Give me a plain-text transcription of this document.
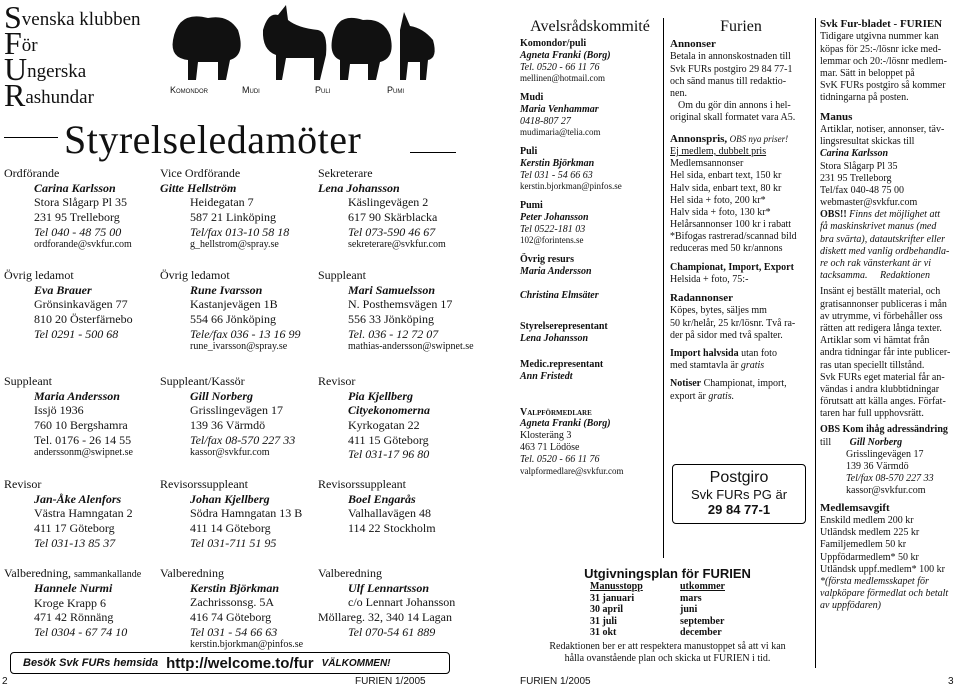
S venska klubben
F ör
U ngerska
R ashundar	Komondor	Mudi	Puli	Pumi
Styrelseledamöter
Ordförande
Carina Karlsson
Stora Slågarp Pl 35
231 95 Trelleborg
Tel 040 - 48 75 00
ordforande@svkfur.com
Övrig ledamot
Eva Brauer
Grönsinkavägen 77
810 20 Österfärnebo
Tel 0291 - 500 68
Suppleant
Maria Andersson
Issjö 1936
760 10 Bergshamra
Tel. 0176 - 26 14 55
anderssonm@swipnet.se
Revisor
Jan-Åke Alenfors
Västra Hamngatan 2
411 17 Göteborg
Tel 031-13 85 37
Valberedning, sammankallande
Hannele Nurmi
Kroge Krapp 6
471 42 Rönnäng
Tel 0304 - 67 74 10
Vice Ordförande
Gitte Hellström
Heidegatan 7
587 21 Linköping
Tel/fax 013-10 58 18
g_hellstrom@spray.se
Övrig ledamot
Rune Ivarsson
Kastanjevägen 1B
554 66 Jönköping
Tele/fax 036 - 13 16 99
rune_ivarsson@spray.se
Suppleant/Kassör
Gill Norberg
Grisslingevägen 17
139 36 Värmdö
Tel/fax 08-570 227 33
kassor@svkfur.com
Revisorssuppleant
Johan Kjellberg
Södra Hamngatan 13 B
411 14 Göteborg
Tel 031-711 51 95
Valberedning
Kerstin Björkman
Zachrissonsg. 5A
416 74 Göteborg
Tel 031 - 54 66 63
kerstin.bjorkman@pinfos.se
Sekreterare
Lena Johansson
Käslingevägen 2
617 90 Skärblacka
Tel 073-590 46 67
sekreterare@svkfur.com
Suppleant
Mari Samuelsson
N. Posthemsvägen 17
556 33 Jönköping
Tel. 036 - 12 72 07
mathias-andersson@swipnet.se
Revisor
Pia Kjellberg
Cityekonomerna
Kyrkogatan 22
411 15 Göteborg
Tel 031-17 96 80
Revisorssuppleant
Boel Engarås
Valhallavägen 48
114 22 Stockholm
Valberedning
Ulf Lennartsson
c/o Lennart Johansson
Möllareg. 32, 340 14 Lagan
Tel 070-54 61 889
Besök Svk FURs hemsida http://welcome.to/fur VÄLKOMMEN!
2	FURIEN 1/2005
Avelsrådskommité
Komondor/puli
Agneta Franki (Borg)
Tel. 0520 - 66 11 76
mellinen@hotmail.com
Mudi
Maria Venhammar
0418-807 27
mudimaria@telia.com
Puli
Kerstin Björkman
Tel 031 - 54 66 63
kerstin.bjorkman@pinfos.se
Pumi
Peter Johansson
Tel 0522-181 03
102@forintens.se
Övrig resurs
Maria Andersson
Christina Elmsäter
Styrelserepresentant
Lena Johansson
Medic.representant
Ann Fristedt
Valpförmedlare
Agneta Franki (Borg)
Klosteräng 3
463 71 Lödöse
Tel. 0520 - 66 11 76
valpformedlare@svkfur.com
Furien
Annonser
Betala in annonskostnaden till
Svk FURs postgiro 29 84 77-1
och sänd manus till redaktio-
nen.
Om du gör din annons i hel-
original skall formatet vara A5.
Annonspris, OBS nya priser!
Ej medlem, dubbelt pris
Medlemsannonser
Hel sida, enbart text, 150 kr
Halv sida, enbart text, 80 kr
Hel sida + foto, 200 kr*
Halv sida + foto, 130 kr*
Helårsannonser 100 kr i rabatt
*Bifogas rastrerad/scannad bild
reduceras med 50 kr/annons
Championat, Import, Export
Helsida + foto, 75:-
Radannonser
Köpes, bytes, säljes mm
50 kr/helår, 25 kr/lösnr. Två ra-
der på sidor med två spalter.
Import halvsida utan foto
med stamtavla är gratis
Notiser Championat, import,
export är gratis.
Postgiro
Svk FURs PG är
29 84 77-1
Svk Fur-bladet - FURIEN
Tidigare utgivna nummer kan
köpas för 25:-/lösnr icke med-
lemmar och 20:-/lösnr medlem-
mar. Sätt in beloppet på
SvK FURs postgiro så kommer
tidningarna på posten.
Manus
Artiklar, notiser, annonser, täv-
lingsresultat skickas till
Carina Karlsson
Stora Slågarp Pl 35
231 95 Trelleborg
Tel/fax 040-48 75 00
webmaster@svkfur.com
OBS!! Finns det möjlighet att
få maskinskrivet manus (med
bra svärta), datautskrifter eller
diskett med vanlig ordbehandla-
re och rak vänsterkant är vi
tacksamma. Redaktionen
Insänt ej beställt material, och
gratisannonser publiceras i mån
av utrymme, vi förbehåller oss
rätten att redigera långa texter.
Artiklar som vi hämtat från
andra tidningar får inte publicer-
ras utan speciellt tillstånd.
Svk FURs eget material får an-
vändas i andra klubbtidningar
förutsatt att källa anges. Förfat-
taren har full upphovsrätt.
OBS Kom ihåg adressändring
till Gill Norberg
Grisslingevägen 17
139 36 Värmdö
Tel/fax 08-570 227 33
kassor@svkfur.com
Medlemsavgift
Enskild medlem 200 kr
Utländsk medlem 225 kr
Familjemedlem 50 kr
Uppfödarmedlem* 50 kr
Utländsk uppf.medlem* 100 kr
*(första medlemsskapet för
valpköpare förmedlat och betalt
av uppfödaren)
Utgivningsplan för FURIEN
Manusstopp	utkommer
31 januari	mars
30 april	juni
31 juli	september
31 okt	december
Redaktionen ber er att respektera manustoppet så att vi kan
hålla ovanstående plan och skicka ut FURIEN i tid.
FURIEN 1/2005	3
